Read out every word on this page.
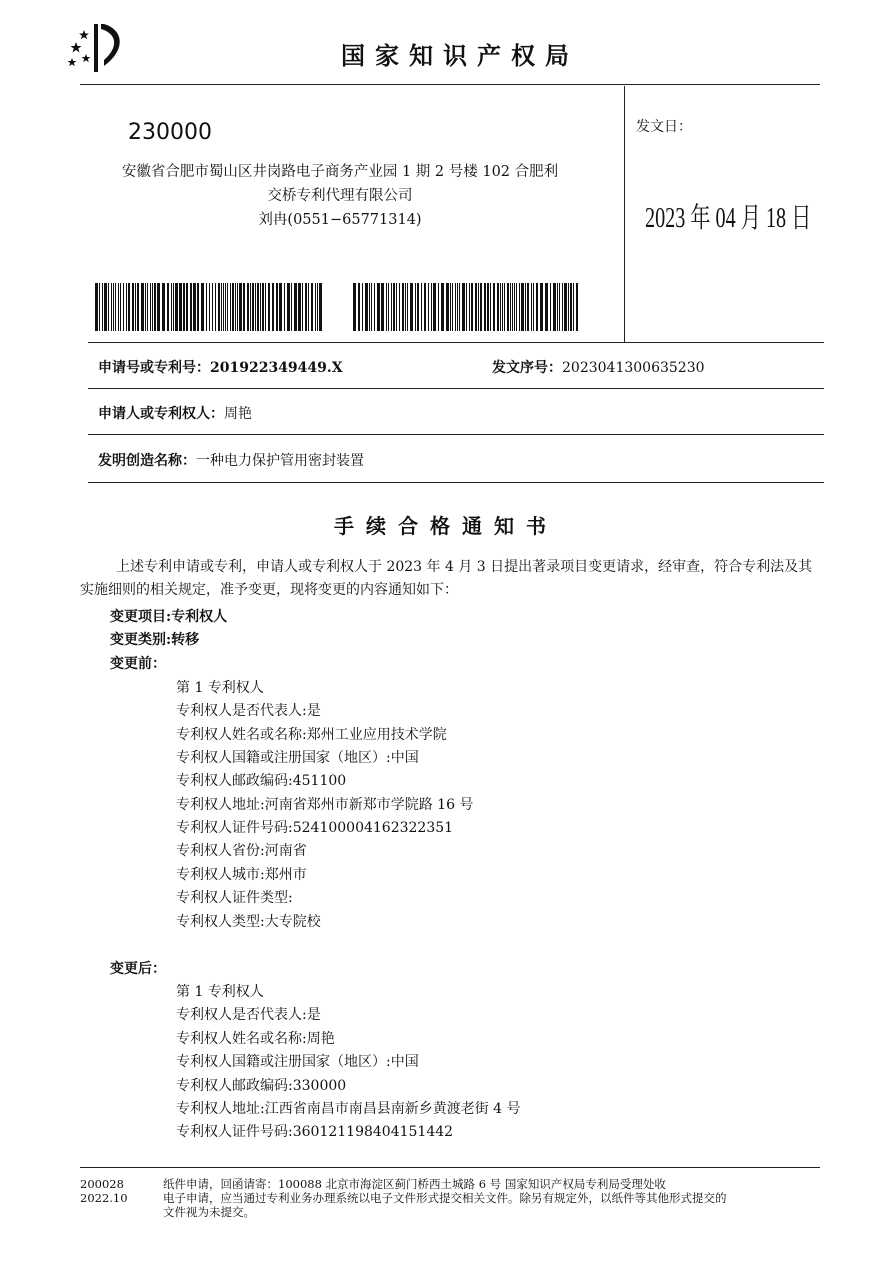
国家知识产权局
230000
安徽省合肥市蜀山区井岗路电子商务产业园 1 期 2 号楼 102 合肥利
交桥专利代理有限公司
刘冉(0551−65771314)
发文日：
2023 年 04 月 18 日
申请号或专利号：201922349449.X	发文序号：2023041300635230
申请人或专利权人：周艳
发明创造名称：一种电力保护管用密封装置
手续合格通知书
上述专利申请或专利，申请人或专利权人于 2023 年 4 月 3 日提出著录项目变更请求，经审查，符合专利法及其实施细则的相关规定，准予变更，现将变更的内容通知如下：
变更项目:专利权人
变更类别:转移
变更前：
第 1 专利权人
专利权人是否代表人:是
专利权人姓名或名称:郑州工业应用技术学院
专利权人国籍或注册国家（地区）:中国
专利权人邮政编码:451100
专利权人地址:河南省郑州市新郑市学院路 16 号
专利权人证件号码:524100004162322351
专利权人省份:河南省
专利权人城市:郑州市
专利权人证件类型:
专利权人类型:大专院校
变更后：
第 1 专利权人
专利权人是否代表人:是
专利权人姓名或名称:周艳
专利权人国籍或注册国家（地区）:中国
专利权人邮政编码:330000
专利权人地址:江西省南昌市南昌县南新乡黄渡老街 4 号
专利权人证件号码:360121198404151442
200028
2022.10
纸件申请，回函请寄：100088 北京市海淀区蓟门桥西土城路 6 号 国家知识产权局专利局受理处收
电子申请，应当通过专利业务办理系统以电子文件形式提交相关文件。除另有规定外，以纸件等其他形式提交的
文件视为未提交。
